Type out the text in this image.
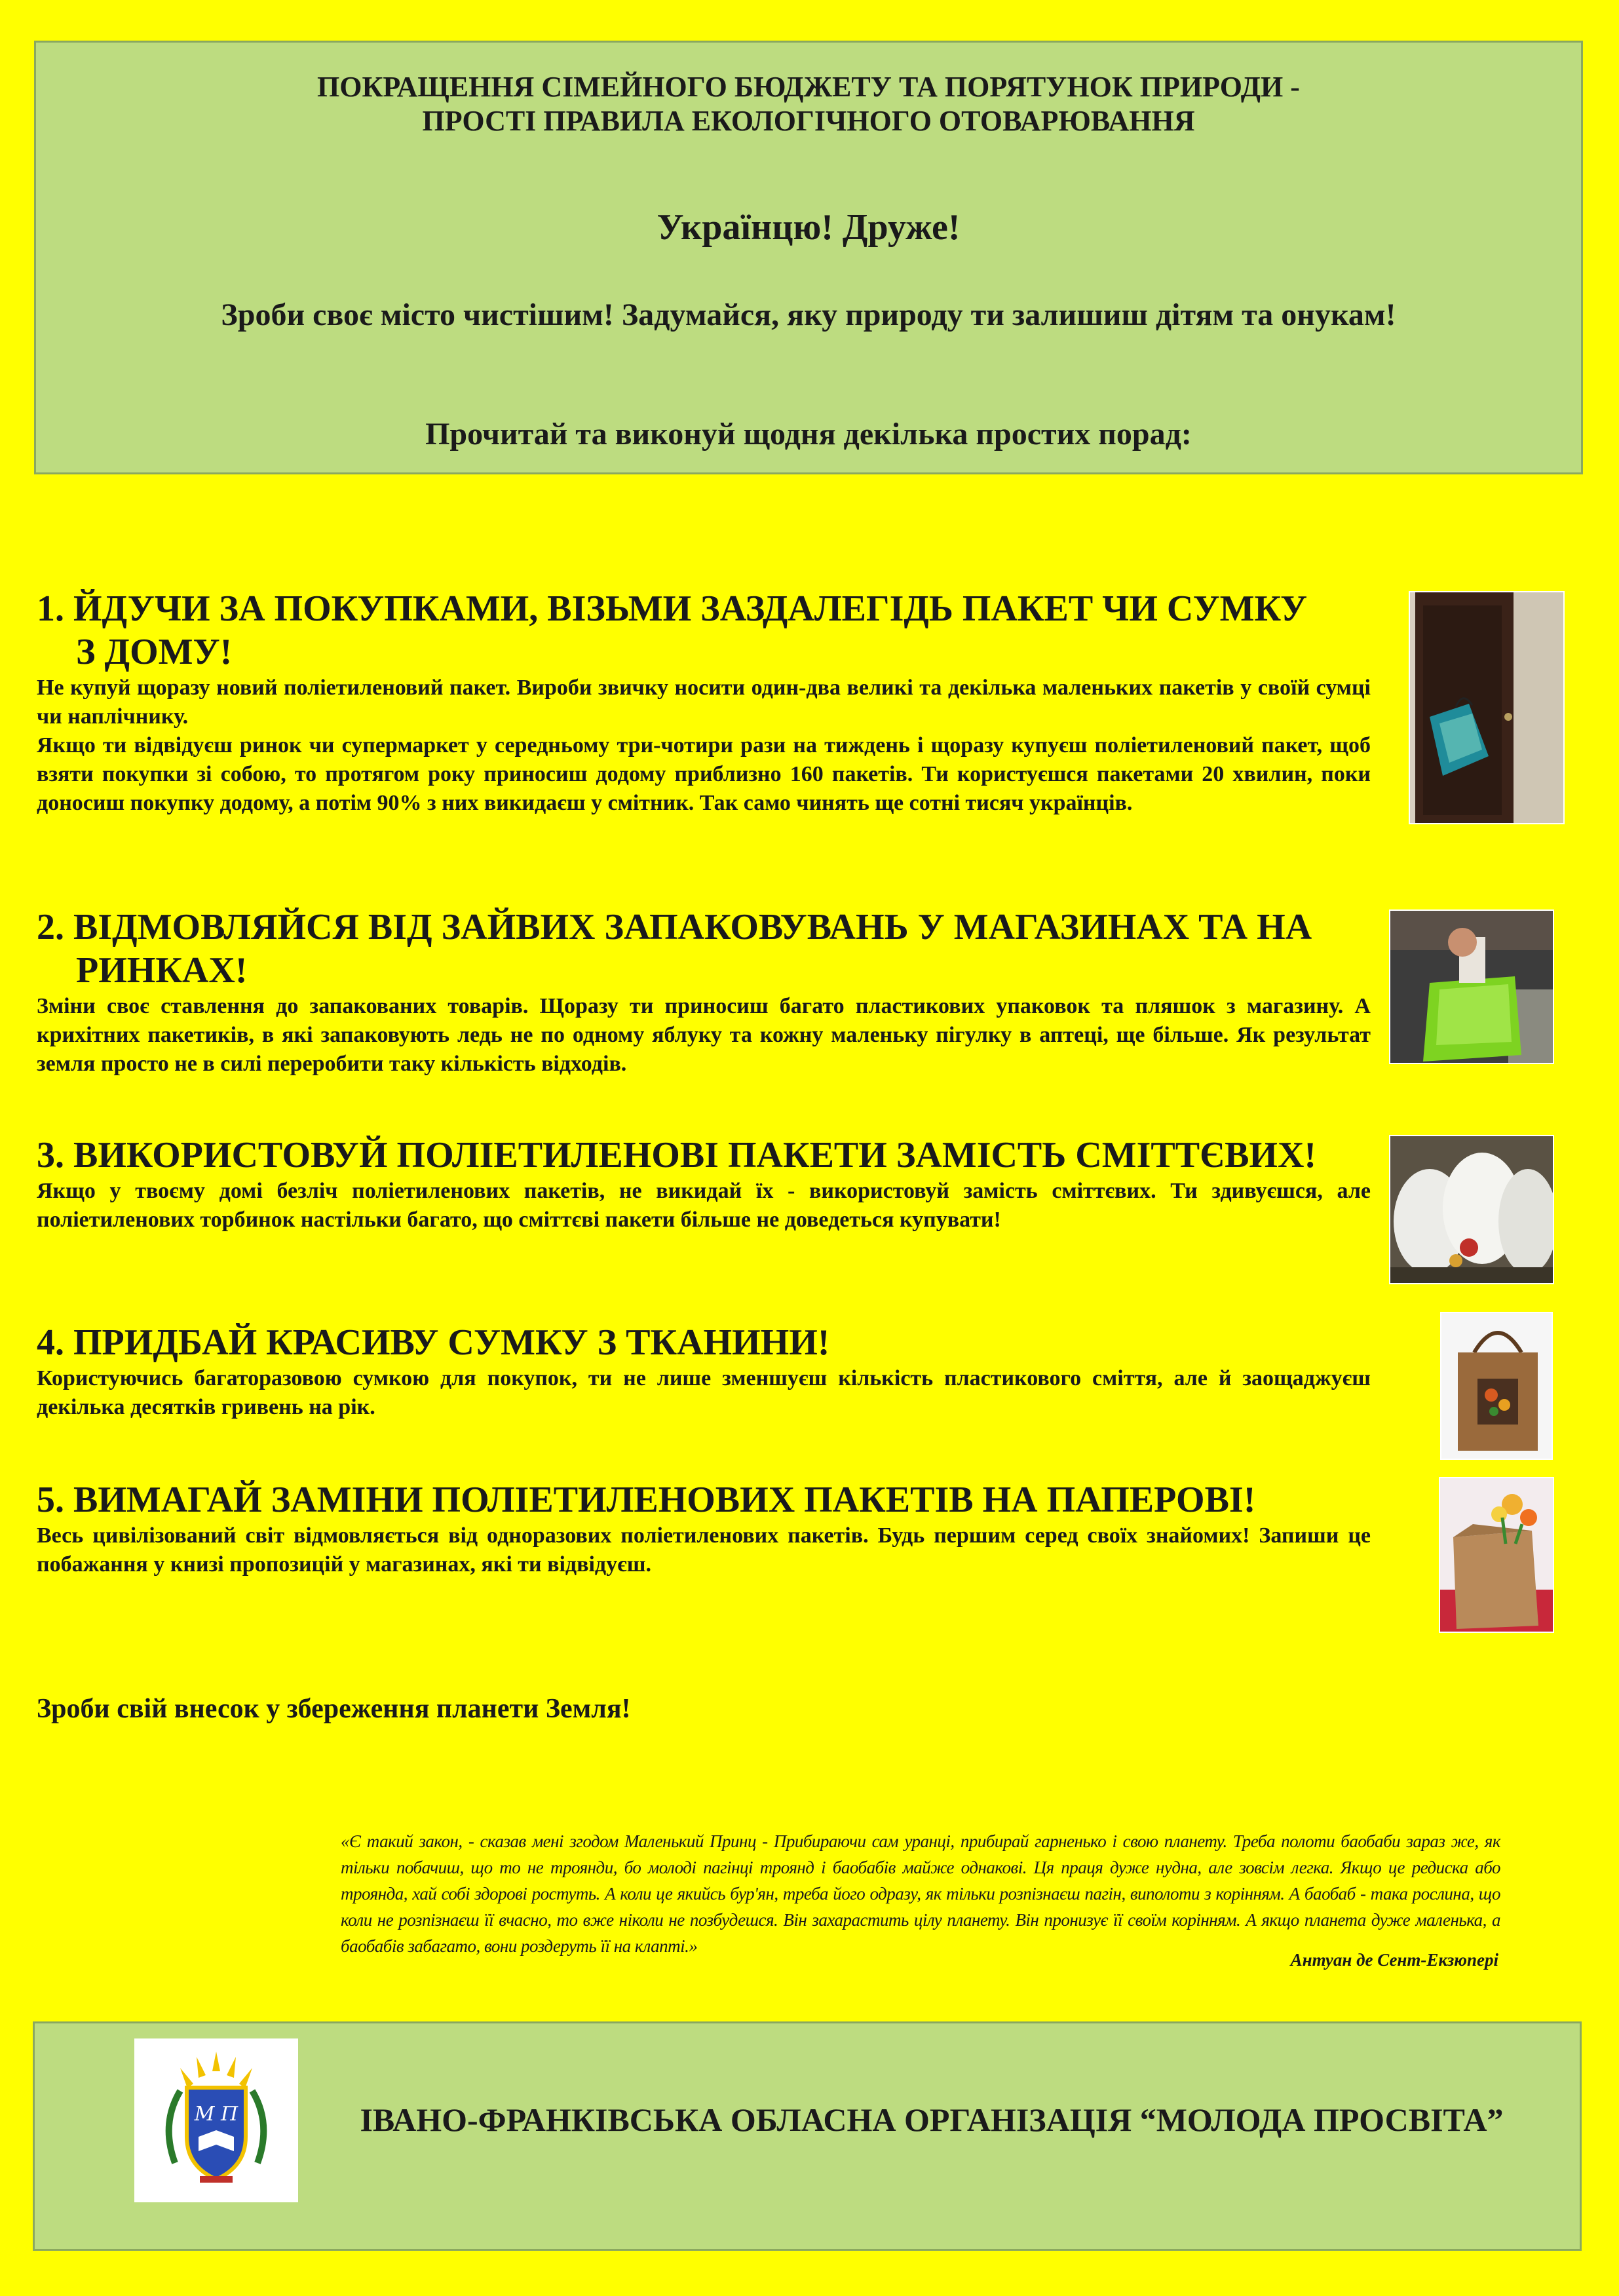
ПОКРАЩЕННЯ СІМЕЙНОГО БЮДЖЕТУ ТА ПОРЯТУНОК ПРИРОДИ -
ПРОСТІ ПРАВИЛА ЕКОЛОГІЧНОГО ОТОВАРЮВАННЯ
Українцю! Друже!
Зроби своє місто чистішим! Задумайся, яку природу ти залишиш дітям та онукам!
Прочитай та виконуй щодня декілька простих порад:

1. ЙДУЧИ ЗА ПОКУПКАМИ, ВІЗЬМИ ЗАЗДАЛЕГІДЬ ПАКЕТ ЧИ СУМКУ
З ДОМУ!

Не купуй щоразу новий поліетиленовий пакет. Вироби звичку носити один-два великі та декілька маленьких пакетів у своїй сумці чи наплічнику.

Якщо ти відвідуєш ринок чи супермаркет у середньому три-чотири рази на тиждень і щоразу купуєш поліетиленовий пакет, щоб взяти покупки зі собою, то протягом року приносиш додому приблизно 160 пакетів. Ти користуєшся пакетами 20 хвилин, поки доносиш покупку додому, а потім 90% з них викидаєш у смітник. Так само чинять ще сотні тисяч українців.

2. ВІДМОВЛЯЙСЯ ВІД ЗАЙВИХ ЗАПАКОВУВАНЬ У МАГАЗИНАХ ТА НА
РИНКАХ!

Зміни своє ставлення до запакованих товарів. Щоразу ти приносиш багато пластикових упаковок та пляшок з магазину. А крихітних пакетиків, в які запаковують ледь не по одному яблуку та кожну маленьку пігулку в аптеці, ще більше. Як результат земля просто не в силі переробити таку кількість відходів.

3. ВИКОРИСТОВУЙ ПОЛІЕТИЛЕНОВІ ПАКЕТИ ЗАМІСТЬ СМІТТЄВИХ!

Якщо у твоєму домі безліч поліетиленових пакетів, не викидай їх - використовуй замість сміттєвих. Ти здивуєшся, але поліетиленових торбинок настільки багато, що сміттєві пакети більше не доведеться купувати!

4. ПРИДБАЙ КРАСИВУ СУМКУ З ТКАНИНИ!

Користуючись багаторазовою сумкою для покупок, ти не лише зменшуєш кількість пластикового сміття, але й заощаджуєш декілька десятків гривень на рік.

5. ВИМАГАЙ ЗАМІНИ ПОЛІЕТИЛЕНОВИХ ПАКЕТІВ НА ПАПЕРОВІ!

Весь цивілізований світ відмовляється від одноразових поліетиленових пакетів. Будь першим серед своїх знайомих! Запиши це побажання у книзі пропозицій у магазинах, які ти відвідуєш.

Зроби свій внесок у збереження планети Земля!
«Є такий закон, - сказав мені згодом Маленький Принц - Прибираючи сам уранці, прибирай гарненько і свою планету. Треба полоти баобаби зараз же, як тільки побачиш, що то не троянди, бо молоді пагінці троянд і баобабів майже однакові. Ця праця дуже нудна, але зовсім легка. Якщо це редиска або троянда, хай собі здорові ростуть. А коли це якийсь бур'ян, треба його одразу, як тільки розпізнаєш пагін, виполоти з корінням. А баобаб - така рослина, що коли не розпізнаєш її вчасно, то вже ніколи не позбудешся. Він захарастить цілу планету. Він пронизує її своїм корінням. А якщо планета дуже маленька, а баобабів забагато, вони роздеруть її на клапті.»
Антуан де Сент-Екзюпері
М П	ІВАНО-ФРАНКІВСЬКА ОБЛАСНА ОРГАНІЗАЦІЯ “МОЛОДА ПРОСВІТА”
